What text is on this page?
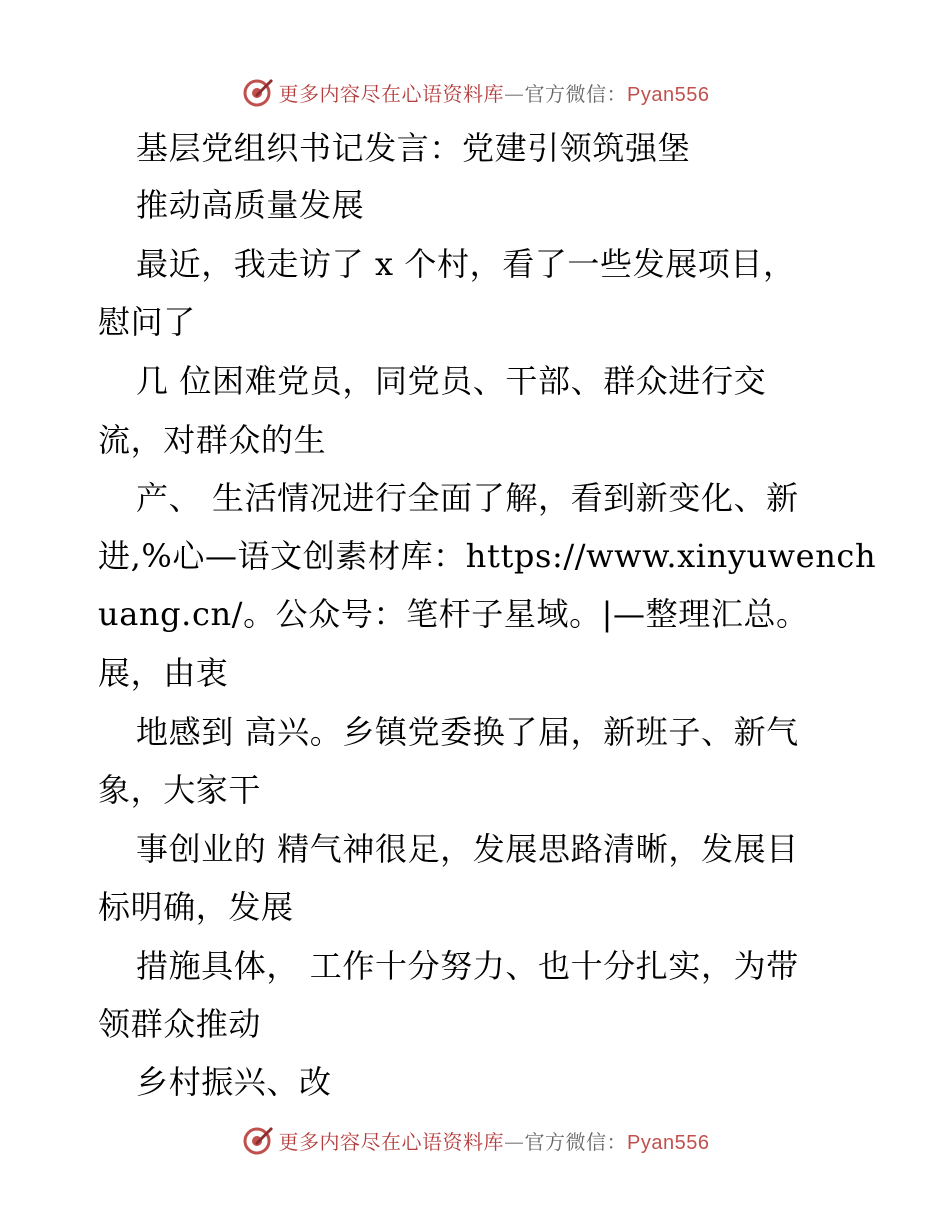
更多内容尽在心语资料库—官方微信：Pyan556
基层党组织书记发言：党建引领筑强堡
推动高质量发展
最近，我走访了 x 个村，看了一些发展项目，
慰问了
几 位困难党员，同党员、干部、群众进行交
流，对群众的生
产、 生活情况进行全面了解，看到新变化、新
进,%心—语文创素材库：https://www.xinyuwench
uang.cn/。公众号：笔杆子星域。|—整理汇总。
展，由衷
地感到 高兴。乡镇党委换了届，新班子、新气
象，大家干
事创业的 精气神很足，发展思路清晰，发展目
标明确，发展
措施具体， 工作十分努力、也十分扎实，为带
领群众推动
乡村振兴、改
更多内容尽在心语资料库—官方微信：Pyan556
